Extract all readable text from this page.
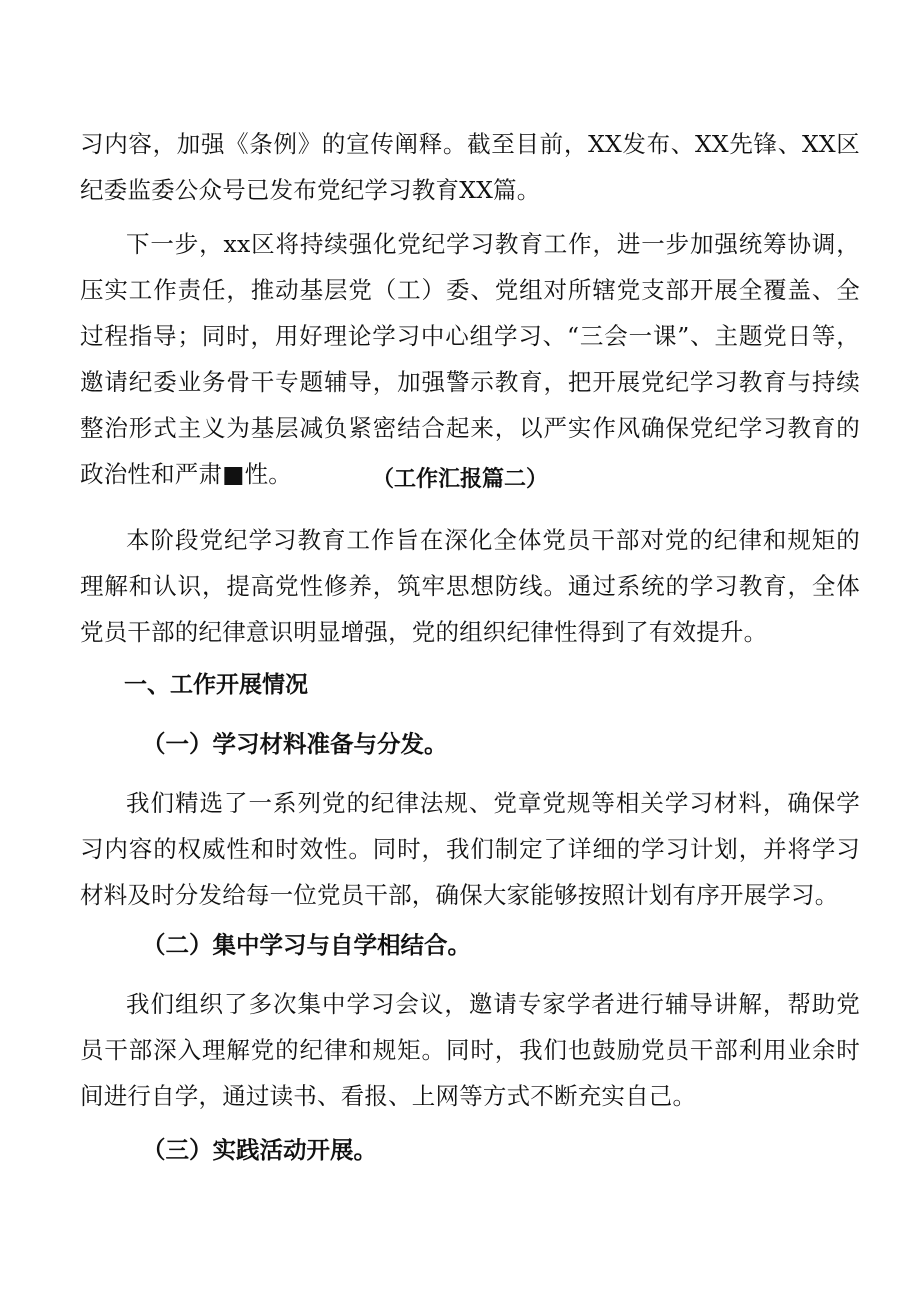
习内容，加强《条例》的宣传阐释。截至目前，XX发布、XX先锋、XX区纪委监委公众号已发布党纪学习教育XX篇。

下一步，xx区将持续强化党纪学习教育工作，进一步加强统筹协调，压实工作责任，推动基层党（工）委、党组对所辖党支部开展全覆盖、全过程指导；同时，用好理论学习中心组学习、“三会一课”、主题党日等，邀请纪委业务骨干专题辅导，加强警示教育，把开展党纪学习教育与持续整治形式主义为基层减负紧密结合起来，以严实作风确保党纪学习教育的政治性和严肃■性。	（工作汇报篇二）

本阶段党纪学习教育工作旨在深化全体党员干部对党的纪律和规矩的理解和认识，提高党性修养，筑牢思想防线。通过系统的学习教育，全体党员干部的纪律意识明显增强，党的组织纪律性得到了有效提升。

一、工作开展情况
（一）学习材料准备与分发。

我们精选了一系列党的纪律法规、党章党规等相关学习材料，确保学习内容的权威性和时效性。同时，我们制定了详细的学习计划，并将学习材料及时分发给每一位党员干部，确保大家能够按照计划有序开展学习。

（二）集中学习与自学相结合。

我们组织了多次集中学习会议，邀请专家学者进行辅导讲解，帮助党员干部深入理解党的纪律和规矩。同时，我们也鼓励党员干部利用业余时间进行自学，通过读书、看报、上网等方式不断充实自己。

（三）实践活动开展。
